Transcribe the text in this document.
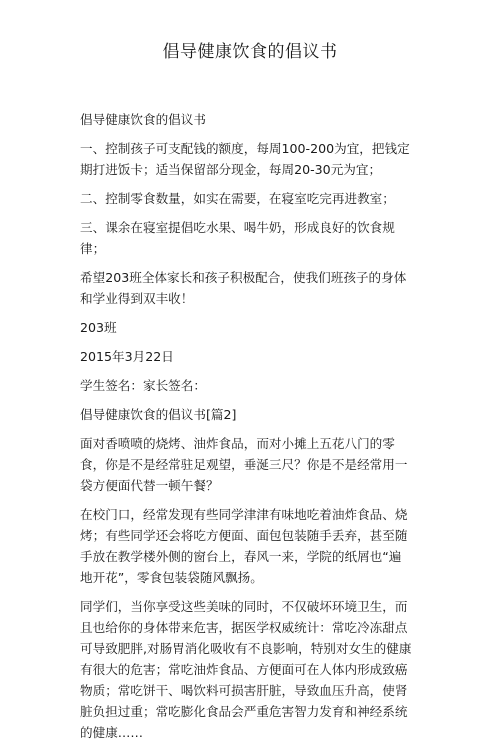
倡导健康饮食的倡议书

倡导健康饮食的倡议书

一、控制孩子可支配钱的额度，每周100-200为宜，把钱定期打进饭卡；适当保留部分现金，每周20-30元为宜；

二、控制零食数量，如实在需要，在寝室吃完再进教室；

三、课余在寝室提倡吃水果、喝牛奶，形成良好的饮食规律；

希望203班全体家长和孩子积极配合，使我们班孩子的身体和学业得到双丰收！

203班

2015年3月22日

学生签名：家长签名：

倡导健康饮食的倡议书[篇2]

面对香喷喷的烧烤、油炸食品，而对小摊上五花八门的零食，你是不是经常驻足观望，垂涎三尺？你是不是经常用一袋方便面代替一顿午餐？

在校门口，经常发现有些同学津津有味地吃着油炸食品、烧烤；有些同学还会将吃方便面、面包包装随手丢弃，甚至随手放在教学楼外侧的窗台上，春风一来，学院的纸屑也“遍地开花”，零食包装袋随风飘扬。

同学们，当你享受这些美味的同时，不仅破坏环境卫生，而且也给你的身体带来危害，据医学权威统计：常吃冷冻甜点可导致肥胖,对肠胃消化吸收有不良影响，特别对女生的健康有很大的危害；常吃油炸食品、方便面可在人体内形成致癌物质；常吃饼干、喝饮料可损害肝脏，导致血压升高，使肾脏负担过重；常吃膨化食品会严重危害智力发育和神经系统的健康……
